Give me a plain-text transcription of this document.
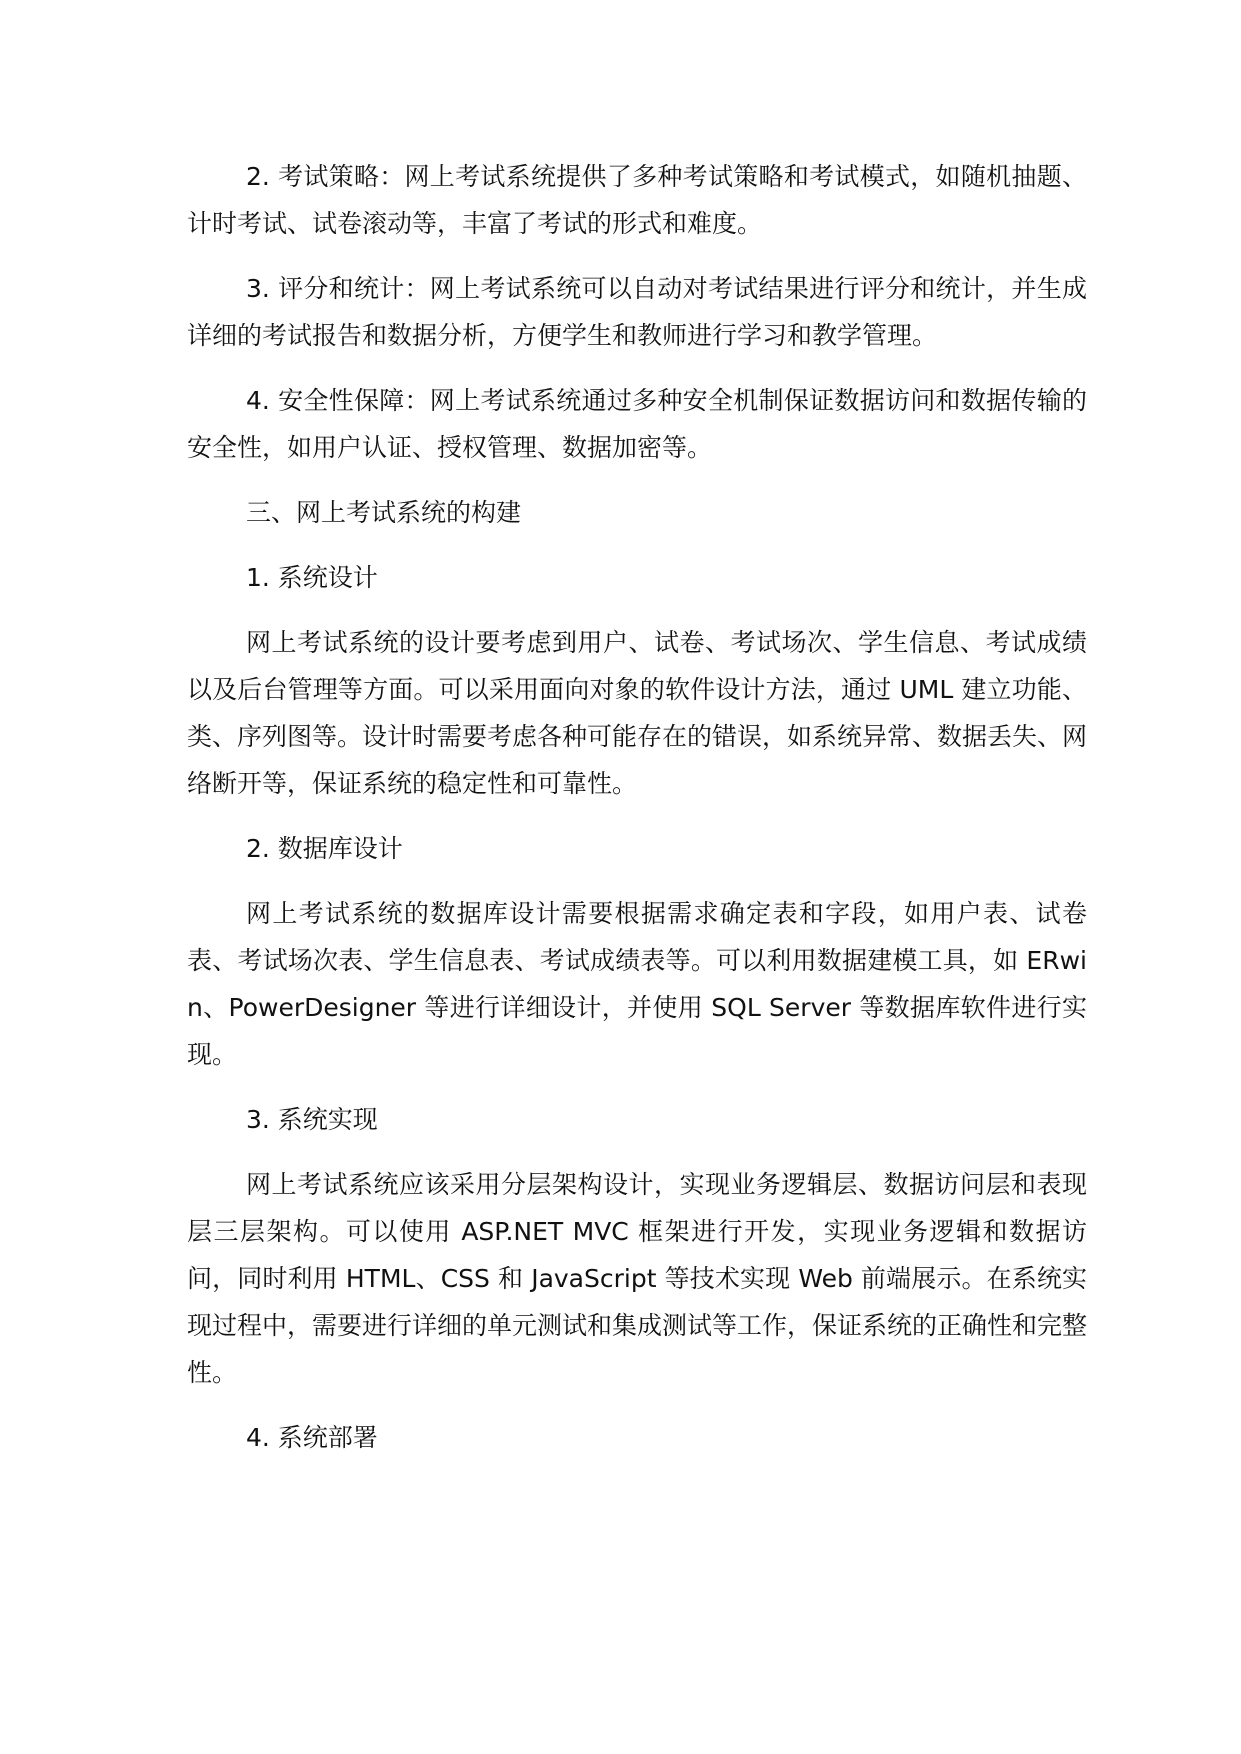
2. 考试策略：网上考试系统提供了多种考试策略和考试模式，如随机抽题、计时考试、试卷滚动等，丰富了考试的形式和难度。

3. 评分和统计：网上考试系统可以自动对考试结果进行评分和统计，并生成详细的考试报告和数据分析，方便学生和教师进行学习和教学管理。

4. 安全性保障：网上考试系统通过多种安全机制保证数据访问和数据传输的安全性，如用户认证、授权管理、数据加密等。

三、网上考试系统的构建

1. 系统设计

网上考试系统的设计要考虑到用户、试卷、考试场次、学生信息、考试成绩以及后台管理等方面。可以采用面向对象的软件设计方法，通过 UML 建立功能、类、序列图等。设计时需要考虑各种可能存在的错误，如系统异常、数据丢失、网络断开等，保证系统的稳定性和可靠性。

2. 数据库设计

网上考试系统的数据库设计需要根据需求确定表和字段，如用户表、试卷表、考试场次表、学生信息表、考试成绩表等。可以利用数据建模工具，如 ERwin、PowerDesigner 等进行详细设计，并使用 SQL Server 等数据库软件进行实现。

3. 系统实现

网上考试系统应该采用分层架构设计，实现业务逻辑层、数据访问层和表现层三层架构。可以使用 ASP.NET MVC 框架进行开发，实现业务逻辑和数据访问，同时利用 HTML、CSS 和 JavaScript 等技术实现 Web 前端展示。在系统实现过程中，需要进行详细的单元测试和集成测试等工作，保证系统的正确性和完整性。

4. 系统部署
